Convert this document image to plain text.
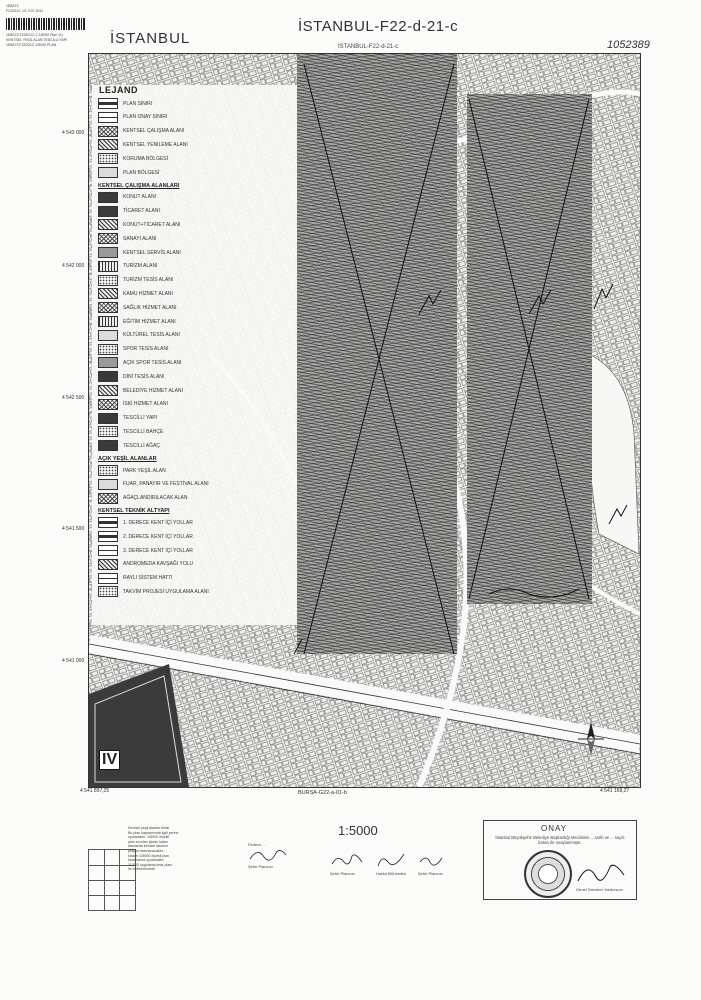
1E8A73
F22D21C 1/1 3.07.2011
1E8A73-F22D21C 2 1/5000 Plan 1/1
KENTSEL YEŞİL ALAN TESCİLLİ YAPI
1E8A73 F22D21C 1/5000 PLAN	İSTANBUL
İSTANBUL-F22-d-21-c
İSTANBUL-F22-d-21-c	1052389
4 543 000
4 542 000
4 542 500
4 541 500
4 541 000
4 541 897,25	4 541 168,27
IV
LEJAND
PLAN SINIRI
PLAN ONAY SINIRI
KENTSEL ÇALIŞMA ALANI
KENTSEL YENİLEME ALANI
KORUMA BÖLGESİ
PLAN BÖLGESİ
KENTSEL ÇALIŞMA ALANLARI
KONUT ALANI
TİCARET ALANI
KONUT+TİCARET ALANI
SANAYİ ALANI
KENTSEL SERVİS ALANI
TURİZM ALANI
TURİZM TESİS ALANI
KAMU HİZMET ALANI
SAĞLIK HİZMET ALANI
EĞİTİM HİZMET ALANI
KÜLTÜREL TESİS ALANI
SPOR TESİS ALANI
AÇIK SPOR TESİS ALANI
DİNİ TESİS ALANI
BELEDİYE HİZMET ALANI
İSKİ HİZMET ALANI
TESCİLLİ YAPI
TESCİLLİ BAHÇE
TESCİLLİ AĞAÇ
AÇIK YEŞİL ALANLAR
PARK YEŞİL ALAN
FUAR, PANAYIR VE FESTİVAL ALANI
AĞAÇLANDIRILACAK ALAN
KENTSEL TEKNİK ALTYAPI
1. DERECE KENT İÇİ YOLLAR
2. DERECE KENT İÇİ YOLLAR
3. DERECE KENT İÇİ YOLLAR
ANDROMEDA KAVŞAĞI YOLU
RAYLI SİSTEM HATTI
TAKVİM PROJESİ UYGULAMA ALANI
BURSA-G22-a-01-b
1:5000
Kentsel yeşil alanlar tesisi
Bu plan kapsamında ilgili yerine
uyulacaktır. 1/5000 ölçekli
plan sınırları içinde kalan
alanlarda kentsel tasarım
projesi hazırlanacaktır.
Nazım 1/5000 ölçekli plan
kararlarına uyulacaktır.
1/1000 uygulama imar planı
ile belirlenecektir.
Firdevs ...
Şehir Plancısı
Şehir Plancısı	Harita Mühendisi	Şehir Plancısı
ONAY
İstanbul Büyükşehir Belediye Başkanlığı Meclisinin ... tarih ve ... sayılı kararı ile onaylanmıştır.
Genel Sekreter Yardımcısı
